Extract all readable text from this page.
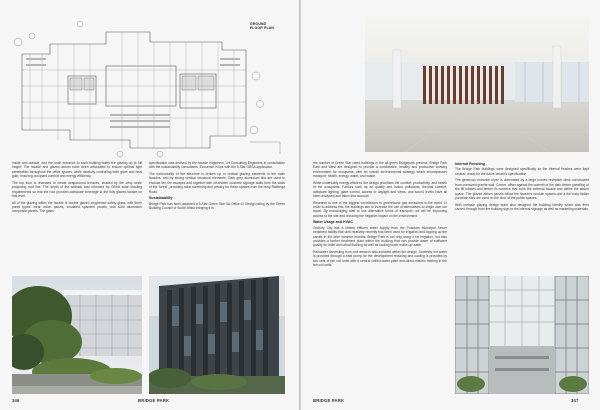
GROUND
FLOOR PLAN

inside and outside, and the main entrance to each building takes the glazing up to full height. The facade and glazed atrium have been articulated to ensure optimal light penetration throughout the office spaces, while carefully controlling both glare and heat gain, ensuring occupant comfort and energy efficiency.

The top floor is recessed to create wraparound terraces, shaded by the crisp white projecting roof line. The depth of the setback was informed by GBSA solar shading requirements so that the roof provides adequate coverage to the fully glazed facade on this level.

All of the glazing within the facade is double glazed toughened safety glass, with three panel types: clear vision panels, insulated spandrel panels, and solid aluminium composite panels. The glass

specification was devised by the facade engineers, LH Consulting Engineers in consultation with the sustainability consultants, Ecosense in line with the 5 Star GBSA application.

The horizontality of the structure is broken up in vertical glazing elements in the main facades, and by strong vertical structural elements. Dark grey aluminium fins are used to enclose the fire escapes and together with off-shutter concrete signage walls form the walls of the 'forest', providing solar screening and privacy for these spaces from the busy Rabenga Road.

Sustainability

Bridge Park has been awarded a 5-Star Green Star SA Office v1 Design rating by the Green Building Council of South Africa bringing it in

346	BRIDGE PARK

the number of Green Star rated buildings in the all-green Bridgepark precinct, Bridge Park East and West are designed to provide a comfortable, healthy and productive working environment for occupants, with an overall environmental strategy which encompasses transport, health, energy, water, and waste.

While undeniably energy-efficient, the design prioritises the comfort, productivity, and health of the occupants. Factors such as air quality and indoor pollutants, thermal comfort, adequate lighting, glare control, access to daylight and views, and sound levels have all been analysed and taken into account.

Research is one of the biggest contributors to greenhouse gas emissions in the world. In order to address this, the buildings aim to increase the use of alternatives to single user car travel. By encouraging staff to use alternative forms of transport, we will be improving access to the site and reducing the negative impact on the environment.

Water Usage and HVAC

Century City has a limited effluent water supply from the Potsdam Municipal Sewer treatment facility that until relatively recently has been used for irrigation and topping up the canals in the drier summer months. Bridge Park is not only using it for irrigation, but also provides a further treatment plant within the building that can provide water of sufficient quality for toilet and urinal flushing as well as cooling tower make-up water.

Rainwater harvesting from roof areas is also included within the design. Domestic hot water is provided through a heat pump for the development reducing and cooling is provided by two sets of fan coil units with a central chilled water plant and direct electric heating in the fan coil units.

Internal Finishing

The Bridge Park buildings were designed specifically so the internal finishes were kept neutral, ready for the future tenant's specification.

The generous entrance foyer is dominated by a large curved reception desk constructed from oversized granite wall. Corner, offset against the warmth of the dark timber panelling of the lift lobbies and timber fin screens that echo the external facade and define the atrium space. The glazed atrium panels follow the facade's module spaces and a full body Italian porcelain tiles are used on the floor of the public spaces.

With intricate playing design team also designed the building identity which was then carried through from the building sign to the internal signage as well as marketing materials.

BRIDGE PARK	347
